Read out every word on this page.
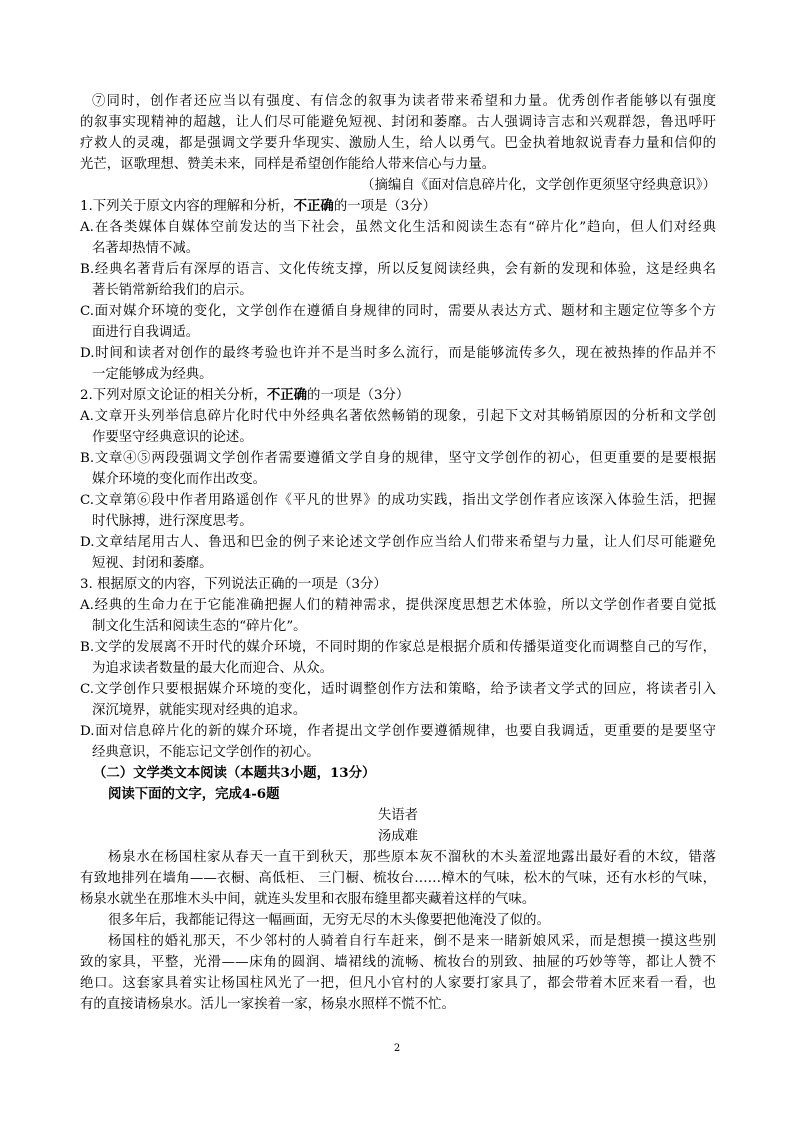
⑦同时，创作者还应当以有强度、有信念的叙事为读者带来希望和力量。优秀创作者能够以有强度
的叙事实现精神的超越，让人们尽可能避免短视、封闭和萎靡。古人强调诗言志和兴观群怨，鲁迅呼吁
疗救人的灵魂，都是强调文学要升华现实、激励人生，给人以勇气。巴金执着地叙说青春力量和信仰的
光芒，讴歌理想、赞美未来，同样是希望创作能给人带来信心与力量。
（摘编自《面对信息碎片化，文学创作更须坚守经典意识》）
1.下列关于原文内容的理解和分析，不正确的一项是（3分）
A.在各类媒体自媒体空前发达的当下社会，虽然文化生活和阅读生态有“碎片化”趋向，但人们对经典
名著却热情不减。
B.经典名著背后有深厚的语言、文化传统支撑，所以反复阅读经典，会有新的发现和体验，这是经典名
著长销常新给我们的启示。
C.面对媒介环境的变化，文学创作在遵循自身规律的同时，需要从表达方式、题材和主题定位等多个方
面进行自我调适。
D.时间和读者对创作的最终考验也许并不是当时多么流行，而是能够流传多久，现在被热捧的作品并不
一定能够成为经典。
2.下列对原文论证的相关分析，不正确的一项是（3分）
A.文章开头列举信息碎片化时代中外经典名著依然畅销的现象，引起下文对其畅销原因的分析和文学创
作要坚守经典意识的论述。
B.文章④⑤两段强调文学创作者需要遵循文学自身的规律，坚守文学创作的初心，但更重要的是要根据
媒介环境的变化而作出改变。
C.文章第⑥段中作者用路遥创作《平凡的世界》的成功实践，指出文学创作者应该深入体验生活，把握
时代脉搏，进行深度思考。
D.文章结尾用古人、鲁迅和巴金的例子来论述文学创作应当给人们带来希望与力量，让人们尽可能避免
短视、封闭和萎靡。
3. 根据原文的内容，下列说法正确的一项是（3分）
A.经典的生命力在于它能准确把握人们的精神需求，提供深度思想艺术体验，所以文学创作者要自觉抵
制文化生活和阅读生态的“碎片化”。
B.文学的发展离不开时代的媒介环境，不同时期的作家总是根据介质和传播渠道变化而调整自己的写作，
为追求读者数量的最大化而迎合、从众。
C.文学创作只要根据媒介环境的变化，适时调整创作方法和策略，给予读者文学式的回应，将读者引入
深沉境界，就能实现对经典的追求。
D.面对信息碎片化的新的媒介环境，作者提出文学创作要遵循规律，也要自我调适，更重要的是要坚守
经典意识，不能忘记文学创作的初心。
（二）文学类文本阅读（本题共3小题，13分）
阅读下面的文字，完成4-6题
失语者
汤成难
杨泉水在杨国柱家从春天一直干到秋天，那些原本灰不溜秋的木头羞涩地露出最好看的木纹，错落
有致地排列在墙角——衣橱、高低柜、 三门橱、梳妆台……樟木的气味，松木的气味，还有水杉的气味，
杨泉水就坐在那堆木头中间，就连头发里和衣服布缝里都夹藏着这样的气味。
很多年后，我都能记得这一幅画面，无穷无尽的木头像要把他淹没了似的。
杨国柱的婚礼那天，不少邻村的人骑着自行车赶来，倒不是来一睹新娘风采，而是想摸一摸这些别
致的家具，平整，光滑——床角的圆润、墙裙线的流畅、梳妆台的别致、抽屉的巧妙等等，都让人赞不
绝口。这套家具着实让杨国柱风光了一把，但凡小官村的人家要打家具了，都会带着木匠来看一看，也
有的直接请杨泉水。活儿一家挨着一家，杨泉水照样不慌不忙。
2
